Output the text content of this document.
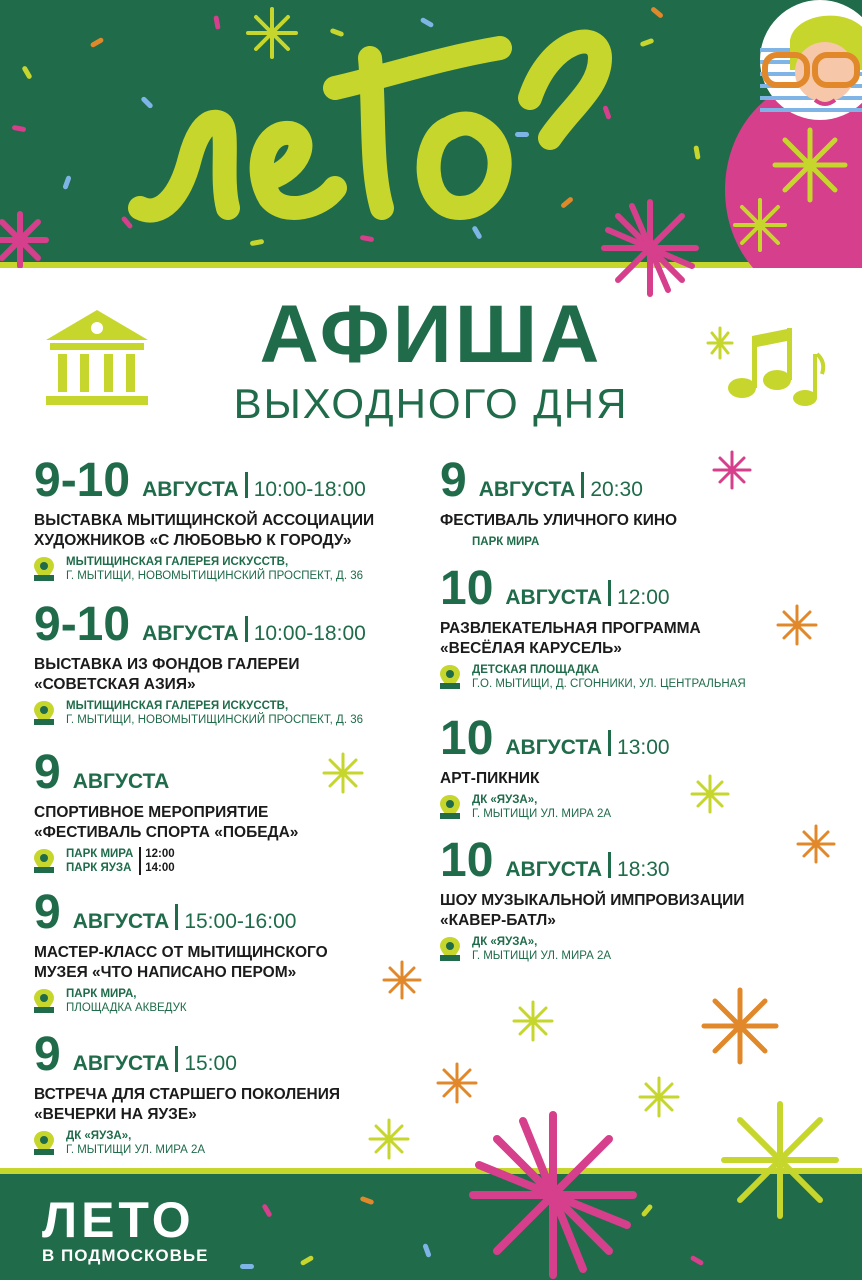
АФИША
ВЫХОДНОГО ДНЯ
9-10 АВГУСТА 10:00-18:00
ВЫСТАВКА МЫТИЩИНСКОЙ АССОЦИАЦИИ
ХУДОЖНИКОВ «С ЛЮБОВЬЮ К ГОРОДУ»
МЫТИЩИНСКАЯ ГАЛЕРЕЯ ИСКУССТВ,
Г. МЫТИЩИ, НОВОМЫТИЩИНСКИЙ ПРОСПЕКТ, Д. 36
9-10 АВГУСТА 10:00-18:00
ВЫСТАВКА ИЗ ФОНДОВ ГАЛЕРЕИ
«СОВЕТСКАЯ АЗИЯ»
МЫТИЩИНСКАЯ ГАЛЕРЕЯ ИСКУССТВ,
Г. МЫТИЩИ, НОВОМЫТИЩИНСКИЙ ПРОСПЕКТ, Д. 36
9 АВГУСТА
СПОРТИВНОЕ МЕРОПРИЯТИЕ
«ФЕСТИВАЛЬ СПОРТА «ПОБЕДА»
ПАРК МИРА
ПАРК ЯУЗА
12:00
14:00
9 АВГУСТА 15:00-16:00
МАСТЕР-КЛАСС ОТ МЫТИЩИНСКОГО
МУЗЕЯ «ЧТО НАПИСАНО ПЕРОМ»
ПАРК МИРА,
ПЛОЩАДКА АКВЕДУК
9 АВГУСТА 15:00
ВСТРЕЧА ДЛЯ СТАРШЕГО ПОКОЛЕНИЯ
«ВЕЧЕРКИ НА ЯУЗЕ»
ДК «ЯУЗА»,
Г. МЫТИЩИ УЛ. МИРА 2А
9 АВГУСТА 20:30
ФЕСТИВАЛЬ УЛИЧНОГО КИНО
ПАРК МИРА
10 АВГУСТА 12:00
РАЗВЛЕКАТЕЛЬНАЯ ПРОГРАММА
«ВЕСЁЛАЯ КАРУСЕЛЬ»
ДЕТСКАЯ ПЛОЩАДКА
Г.О. МЫТИЩИ, Д. СГОННИКИ, УЛ. ЦЕНТРАЛЬНАЯ
10 АВГУСТА 13:00
АРТ-ПИКНИК
ДК «ЯУЗА»,
Г. МЫТИЩИ УЛ. МИРА 2А
10 АВГУСТА 18:30
ШОУ МУЗЫКАЛЬНОЙ ИМПРОВИЗАЦИИ
«КАВЕР-БАТЛ»
ДК «ЯУЗА»,
Г. МЫТИЩИ УЛ. МИРА 2А
ЛЕТО
В ПОДМОСКОВЬЕ
